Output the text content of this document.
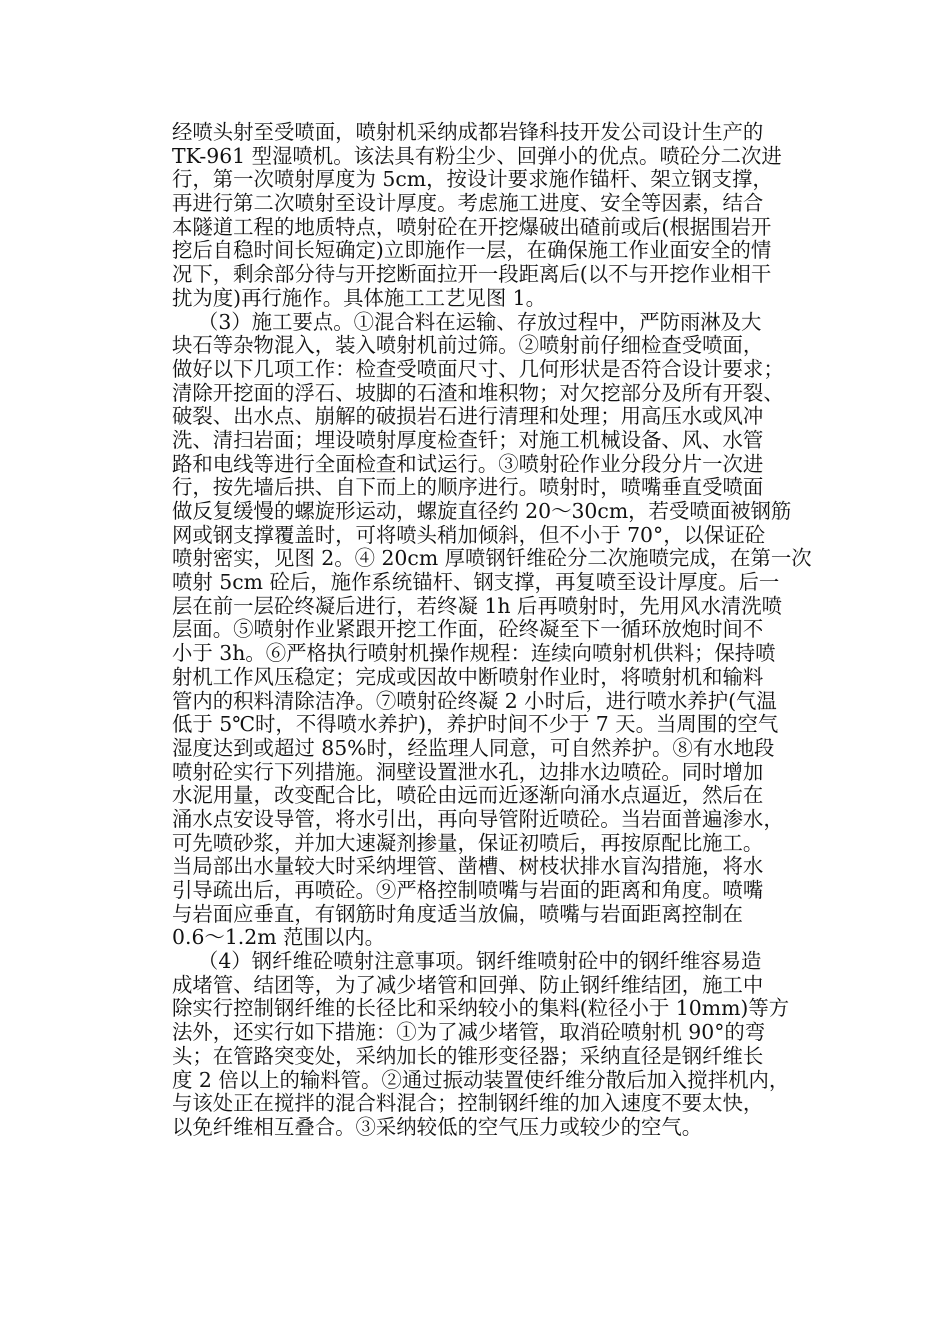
经喷头射至受喷面，喷射机采纳成都岩锋科技开发公司设计生产的
TK-961 型湿喷机。该法具有粉尘少、回弹小的优点。喷砼分二次进
行，第一次喷射厚度为 5cm，按设计要求施作锚杆、架立钢支撑，
再进行第二次喷射至设计厚度。考虑施工进度、安全等因素，结合
本隧道工程的地质特点，喷射砼在开挖爆破出碴前或后(根据围岩开
挖后自稳时间长短确定)立即施作一层，在确保施工作业面安全的情
况下，剩余部分待与开挖断面拉开一段距离后(以不与开挖作业相干
扰为度)再行施作。具体施工工艺见图 1。
（3）施工要点。①混合料在运输、存放过程中，严防雨淋及大
块石等杂物混入，装入喷射机前过筛。②喷射前仔细检查受喷面，
做好以下几项工作：检查受喷面尺寸、几何形状是否符合设计要求；
清除开挖面的浮石、坡脚的石渣和堆积物；对欠挖部分及所有开裂、
破裂、出水点、崩解的破损岩石进行清理和处理；用高压水或风冲
洗、清扫岩面；埋设喷射厚度检查钎；对施工机械设备、风、水管
路和电线等进行全面检查和试运行。③喷射砼作业分段分片一次进
行，按先墙后拱、自下而上的顺序进行。喷射时，喷嘴垂直受喷面
做反复缓慢的螺旋形运动，螺旋直径约 20～30cm，若受喷面被钢筋
网或钢支撑覆盖时，可将喷头稍加倾斜，但不小于 70°，以保证砼
喷射密实，见图 2。④ 20cm 厚喷钢钎维砼分二次施喷完成，在第一次
喷射 5cm 砼后，施作系统锚杆、钢支撑，再复喷至设计厚度。后一
层在前一层砼终凝后进行，若终凝 1h 后再喷射时，先用风水清洗喷
层面。⑤喷射作业紧跟开挖工作面，砼终凝至下一循环放炮时间不
小于 3h。⑥严格执行喷射机操作规程：连续向喷射机供料；保持喷
射机工作风压稳定；完成或因故中断喷射作业时，将喷射机和输料
管内的积料清除洁净。⑦喷射砼终凝 2 小时后，进行喷水养护(气温
低于 5℃时，不得喷水养护)，养护时间不少于 7 天。当周围的空气
湿度达到或超过 85%时，经监理人同意，可自然养护。⑧有水地段
喷射砼实行下列措施。洞壁设置泄水孔，边排水边喷砼。同时增加
水泥用量，改变配合比，喷砼由远而近逐渐向涌水点逼近，然后在
涌水点安设导管，将水引出，再向导管附近喷砼。当岩面普遍渗水，
可先喷砂浆，并加大速凝剂掺量，保证初喷后，再按原配比施工。
当局部出水量较大时采纳埋管、凿槽、树枝状排水盲沟措施，将水
引导疏出后，再喷砼。⑨严格控制喷嘴与岩面的距离和角度。喷嘴
与岩面应垂直，有钢筋时角度适当放偏，喷嘴与岩面距离控制在
0.6～1.2m 范围以内。
（4）钢纤维砼喷射注意事项。钢纤维喷射砼中的钢纤维容易造
成堵管、结团等，为了减少堵管和回弹、防止钢纤维结团，施工中
除实行控制钢纤维的长径比和采纳较小的集料(粒径小于 10mm)等方
法外，还实行如下措施：①为了减少堵管，取消砼喷射机 90°的弯
头；在管路突变处，采纳加长的锥形变径器；采纳直径是钢纤维长
度 2 倍以上的输料管。②通过振动装置使纤维分散后加入搅拌机内，
与该处正在搅拌的混合料混合；控制钢纤维的加入速度不要太快，
以免纤维相互叠合。③采纳较低的空气压力或较少的空气。
